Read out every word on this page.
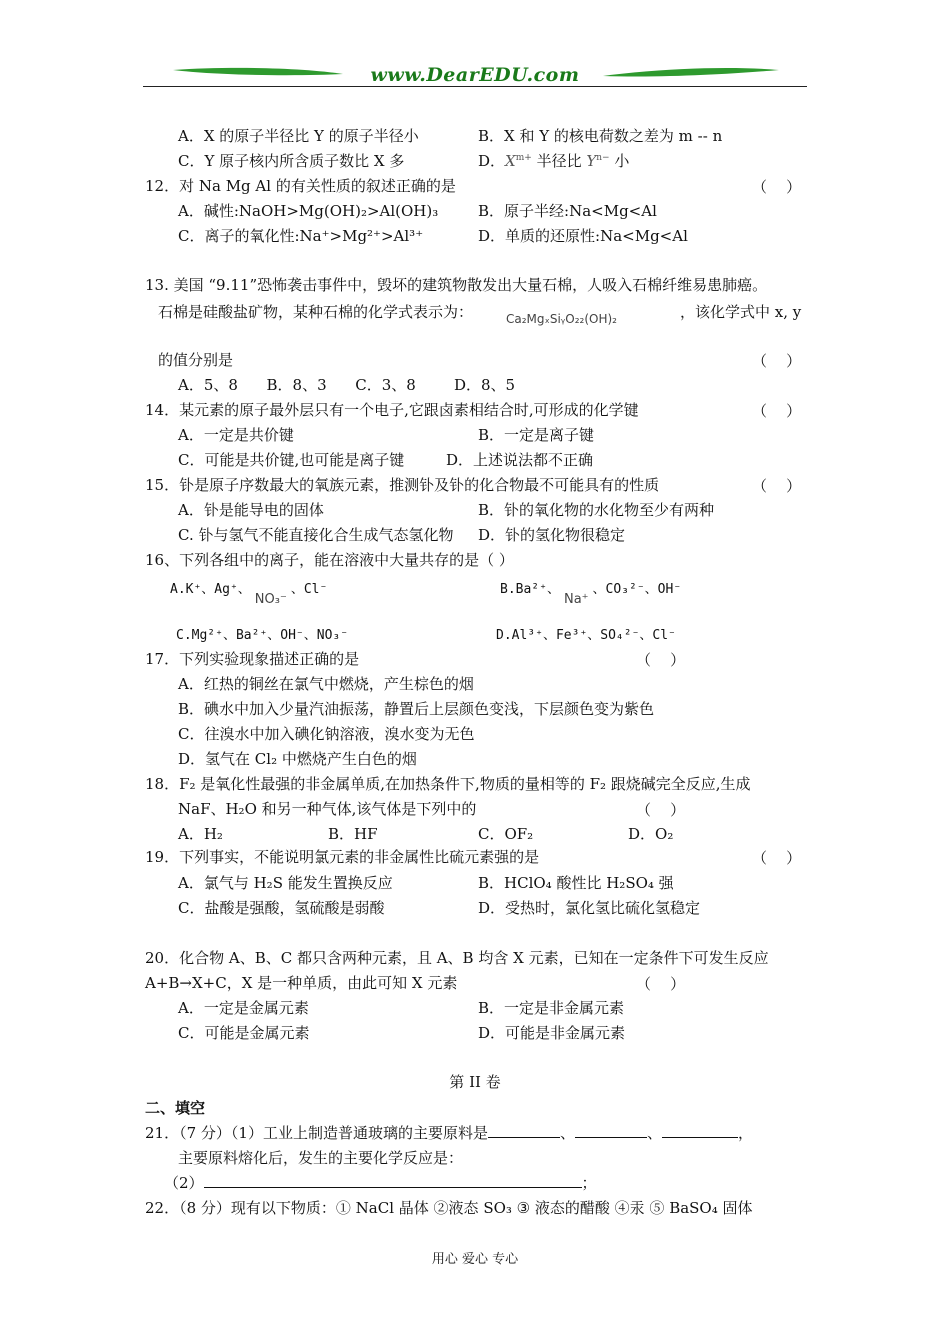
www.DearEDU.com
A．X 的原子半径比 Y 的原子半径小	B．X 和 Y 的核电荷数之差为 m -- n
C．Y 原子核内所含质子数比 X 多	D．$X^{m+}$ 半径比 $Y^{n-}$ 小
12．对 Na Mg Al 的有关性质的叙述正确的是	（    ）
A．碱性:NaOH>Mg(OH)₂>Al(OH)₃	B．原子半经:Na<Mg<Al
C．离子的氧化性:Na⁺>Mg²⁺>Al³⁺	D．单质的还原性:Na<Mg<Al
13. 美国 “9.11”恐怖袭击事件中，毁坏的建筑物散发出大量石棉，人吸入石棉纤维易患肺癌。
石棉是硅酸盐矿物，某种石棉的化学式表示为：	Ca₂MgₓSiᵧO₂₂(OH)₂	，该化学式中 x, y
的值分别是	（    ）
A．5、8      B．8、3      C．3、8        D．8、5
14．某元素的原子最外层只有一个电子,它跟卤素相结合时,可形成的化学键	（    ）
A．一定是共价键	B．一定是离子键
C．可能是共价键,也可能是离子键	D．上述说法都不正确
15．钋是原子序数最大的氧族元素，推测钋及钋的化合物最不可能具有的性质	（    ）
A．钋是能导电的固体	B．钋的氧化物的水化物至少有两种
C. 钋与氢气不能直接化合生成气态氢化物 D．钋的氢化物很稳定
16、下列各组中的离子，能在溶液中大量共存的是（ ）
A.K⁺、Ag⁺、NO₃⁻、Cl⁻	B.Ba²⁺、Na⁺、CO₃²⁻、OH⁻
C.Mg²⁺、Ba²⁺、OH⁻、NO₃⁻	D.Al³⁺、Fe³⁺、SO₄²⁻、Cl⁻
17．下列实验现象描述正确的是	（    ）
A．红热的铜丝在氯气中燃烧，产生棕色的烟
B．碘水中加入少量汽油振荡，静置后上层颜色变浅，下层颜色变为紫色
C．往溴水中加入碘化钠溶液，溴水变为无色
D．氢气在 Cl₂ 中燃烧产生白色的烟
18．F₂ 是氧化性最强的非金属单质,在加热条件下,物质的量相等的 F₂ 跟烧碱完全反应,生成
NaF、H₂O 和另一种气体,该气体是下列中的	（    ）
A．H₂	B．HF	C．OF₂	D．O₂
19．下列事实，不能说明氯元素的非金属性比硫元素强的是	（    ）
A．氯气与 H₂S 能发生置换反应	B．HClO₄ 酸性比 H₂SO₄ 强
C．盐酸是强酸，氢硫酸是弱酸	D．受热时，氯化氢比硫化氢稳定
20．化合物 A、B、C 都只含两种元素，且 A、B 均含 X 元素，已知在一定条件下可发生反应
A+B→X+C，X 是一种单质，由此可知 X 元素	（    ）
A．一定是金属元素	B．一定是非金属元素
C．可能是金属元素	D．可能是非金属元素
第 II 卷
二、填空
21．（7 分）（1）工业上制造普通玻璃的主要原料是	、	、	，
主要原料熔化后，发生的主要化学反应是：
（2）	；
22．（8 分）现有以下物质：① NaCl 晶体 ②液态 SO₃ ③ 液态的醋酸 ④汞 ⑤ BaSO₄ 固体
用心 爱心 专心
